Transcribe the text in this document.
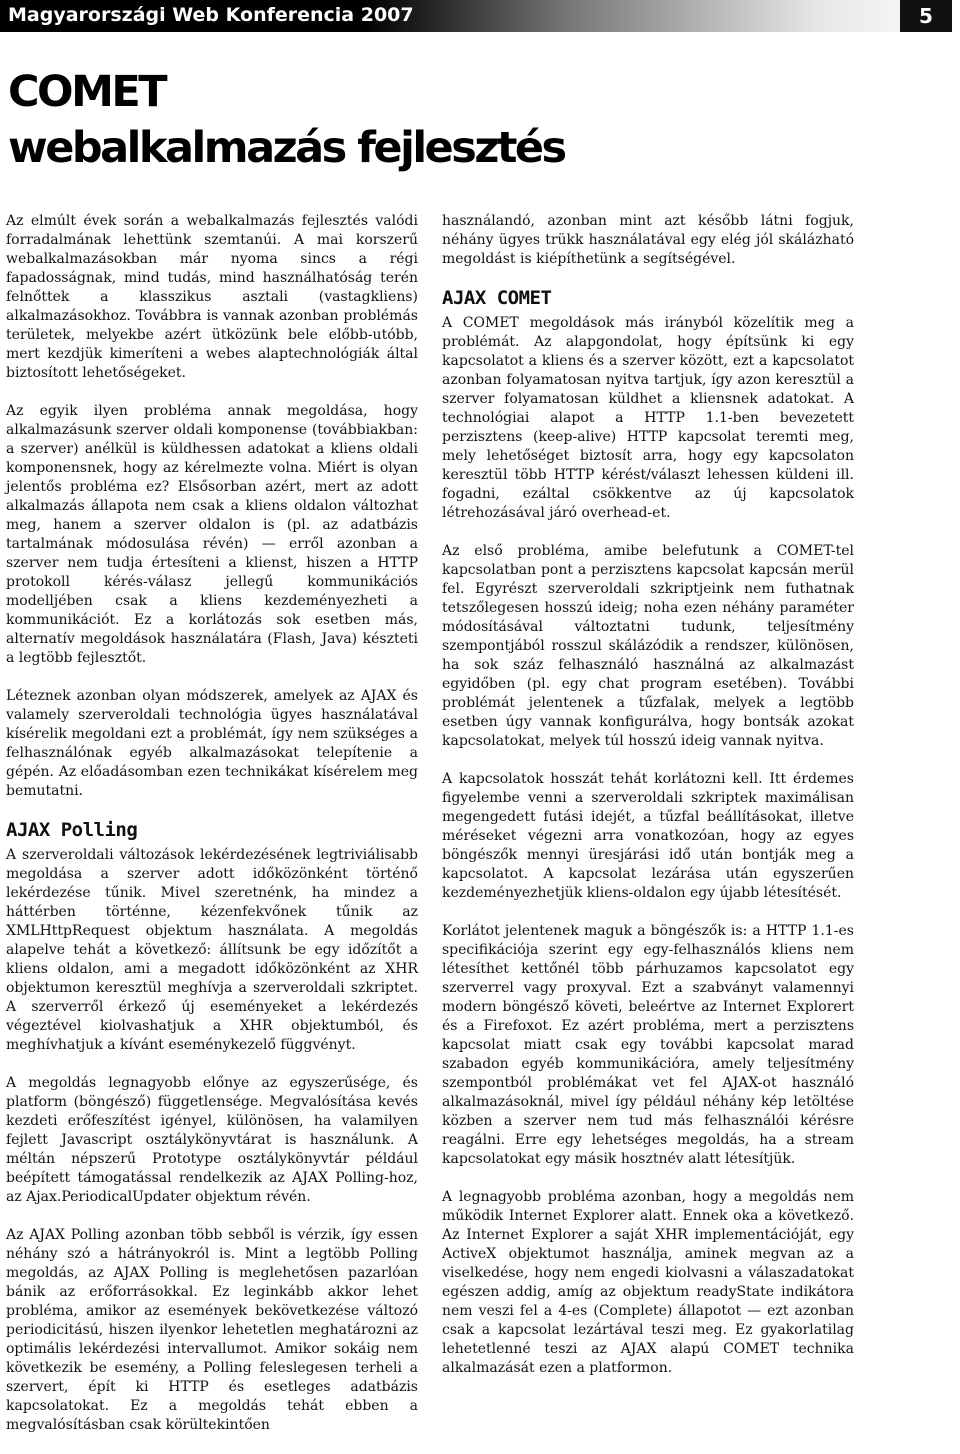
Magyarországi Web Konferencia 2007	5
COMET
webalkalmazás fejlesztés

Az elmúlt évek során a webalkalmazás fejlesztés valódi forradalmának lehettünk szemtanúi. A mai korszerű webalkalmazásokban már nyoma sincs a régi fapadosságnak, mind tudás, mind használhatóság terén felnőttek a klasszikus asztali (vastagkliens) alkalmazásokhoz. Továbbra is vannak azonban problémás területek, melyekbe azért ütközünk bele előbb-utóbb, mert kezdjük kimeríteni a webes alaptechnológiák által biztosított lehetőségeket.

Az egyik ilyen probléma annak megoldása, hogy alkalmazásunk szerver oldali komponense (továbbiakban: a szerver) anélkül is küldhessen adatokat a kliens oldali komponensnek, hogy az kérelmezte volna. Miért is olyan jelentős probléma ez? Elsősorban azért, mert az adott alkalmazás állapota nem csak a kliens oldalon változhat meg, hanem a szerver oldalon is (pl. az adatbázis tartalmának módosulása révén) — erről azonban a szerver nem tudja értesíteni a klienst, hiszen a HTTP protokoll kérés-válasz jellegű kommunikációs modelljében csak a kliens kezdeményezheti a kommunikációt. Ez a korlátozás sok esetben más, alternatív megoldások használatára (Flash, Java) készteti a legtöbb fejlesztőt.

Léteznek azonban olyan módszerek, amelyek az AJAX és valamely szerveroldali technológia ügyes használatával kísérelik megoldani ezt a problémát, így nem szükséges a felhasználónak egyéb alkalmazásokat telepítenie a gépén. Az előadásomban ezen technikákat kísérelem meg bemutatni.

AJAX Polling

A szerveroldali változások lekérdezésének legtriviálisabb megoldása a szerver adott időközönként történő lekérdezése tűnik. Mivel szeretnénk, ha mindez a háttérben történne, kézenfekvőnek tűnik az XMLHttpRequest objektum használata. A megoldás alapelve tehát a következő: állítsunk be egy időzítőt a kliens oldalon, ami a megadott időközönként az XHR objektumon keresztül meghívja a szerveroldali szkriptet. A szerverről érkező új eseményeket a lekérdezés végeztével kiolvashatjuk a XHR objektumból, és meghívhatjuk a kívánt eseménykezelő függvényt.

A megoldás legnagyobb előnye az egyszerűsége, és platform (böngésző) függetlensége. Megvalósítása kevés kezdeti erőfeszítést igényel, különösen, ha valamilyen fejlett Javascript osztálykönyvtárat is használunk. A méltán népszerű Prototype osztálykönyvtár például beépített támogatással rendelkezik az AJAX Polling-hoz, az Ajax.PeriodicalUpdater objektum révén.

Az AJAX Polling azonban több sebből is vérzik, így essen néhány szó a hátrányokról is. Mint a legtöbb Polling megoldás, az AJAX Polling is meglehetősen pazarlóan bánik az erőforrásokkal. Ez leginkább akkor lehet probléma, amikor az események bekövetkezése változó periodicitású, hiszen ilyenkor lehetetlen meghatározni az optimális lekérdezési intervallumot. Amikor sokáig nem következik be esemény, a Polling feleslegesen terheli a szervert, épít ki HTTP és esetleges adatbázis kapcsolatokat. Ez a megoldás tehát ebben a megvalósításban csak körültekintően

használandó, azonban mint azt később látni fogjuk, néhány ügyes trükk használatával egy elég jól skálázható megoldást is kiépíthetünk a segítségével.

AJAX COMET

A COMET megoldások más irányból közelítik meg a problémát. Az alapgondolat, hogy építsünk ki egy kapcsolatot a kliens és a szerver között, ezt a kapcsolatot azonban folyamatosan nyitva tartjuk, így azon keresztül a szerver folyamatosan küldhet a kliensnek adatokat. A technológiai alapot a HTTP 1.1-ben bevezetett perzisztens (keep-alive) HTTP kapcsolat teremti meg, mely lehetőséget biztosít arra, hogy egy kapcsolaton keresztül több HTTP kérést/választ lehessen küldeni ill. fogadni, ezáltal csökkentve az új kapcsolatok létrehozásával járó overhead-et.

Az első probléma, amibe belefutunk a COMET-tel kapcsolatban pont a perzisztens kapcsolat kapcsán merül fel. Egyrészt szerveroldali szkriptjeink nem futhatnak tetszőlegesen hosszú ideig; noha ezen néhány paraméter módosításával változtatni tudunk, teljesítmény szempontjából rosszul skálázódik a rendszer, különösen, ha sok száz felhasználó használná az alkalmazást egyidőben (pl. egy chat program esetében). További problémát jelentenek a tűzfalak, melyek a legtöbb esetben úgy vannak konfigurálva, hogy bontsák azokat kapcsolatokat, melyek túl hosszú ideig vannak nyitva.

A kapcsolatok hosszát tehát korlátozni kell. Itt érdemes figyelembe venni a szerveroldali szkriptek maximálisan megengedett futási idejét, a tűzfal beállításokat, illetve méréseket végezni arra vonatkozóan, hogy az egyes böngészők mennyi üresjárási idő után bontják meg a kapcsolatot. A kapcsolat lezárása után egyszerűen kezdeményezhetjük kliens-oldalon egy újabb létesítését.

Korlátot jelentenek maguk a böngészők is: a HTTP 1.1-es specifikációja szerint egy egy-felhasználós kliens nem létesíthet kettőnél több párhuzamos kapcsolatot egy szerverrel vagy proxyval. Ezt a szabványt valamennyi modern böngésző követi, beleértve az Internet Explorert és a Firefoxot. Ez azért probléma, mert a perzisztens kapcsolat miatt csak egy további kapcsolat marad szabadon egyéb kommunikációra, amely teljesítmény szempontból problémákat vet fel AJAX-ot használó alkalmazásoknál, mivel így például néhány kép letöltése közben a szerver nem tud más felhasználói kérésre reagálni. Erre egy lehetséges megoldás, ha a stream kapcsolatokat egy másik hosztnév alatt létesítjük.

A legnagyobb probléma azonban, hogy a megoldás nem működik Internet Explorer alatt. Ennek oka a következő. Az Internet Explorer a saját XHR implementációját, egy ActiveX objektumot használja, aminek megvan az a viselkedése, hogy nem engedi kiolvasni a válaszadatokat egészen addig, amíg az objektum readyState indikátora nem veszi fel a 4-es (Complete) állapotot — ezt azonban csak a kapcsolat lezártával teszi meg. Ez gyakorlatilag lehetetlenné teszi az AJAX alapú COMET technika alkalmazását ezen a platformon.
